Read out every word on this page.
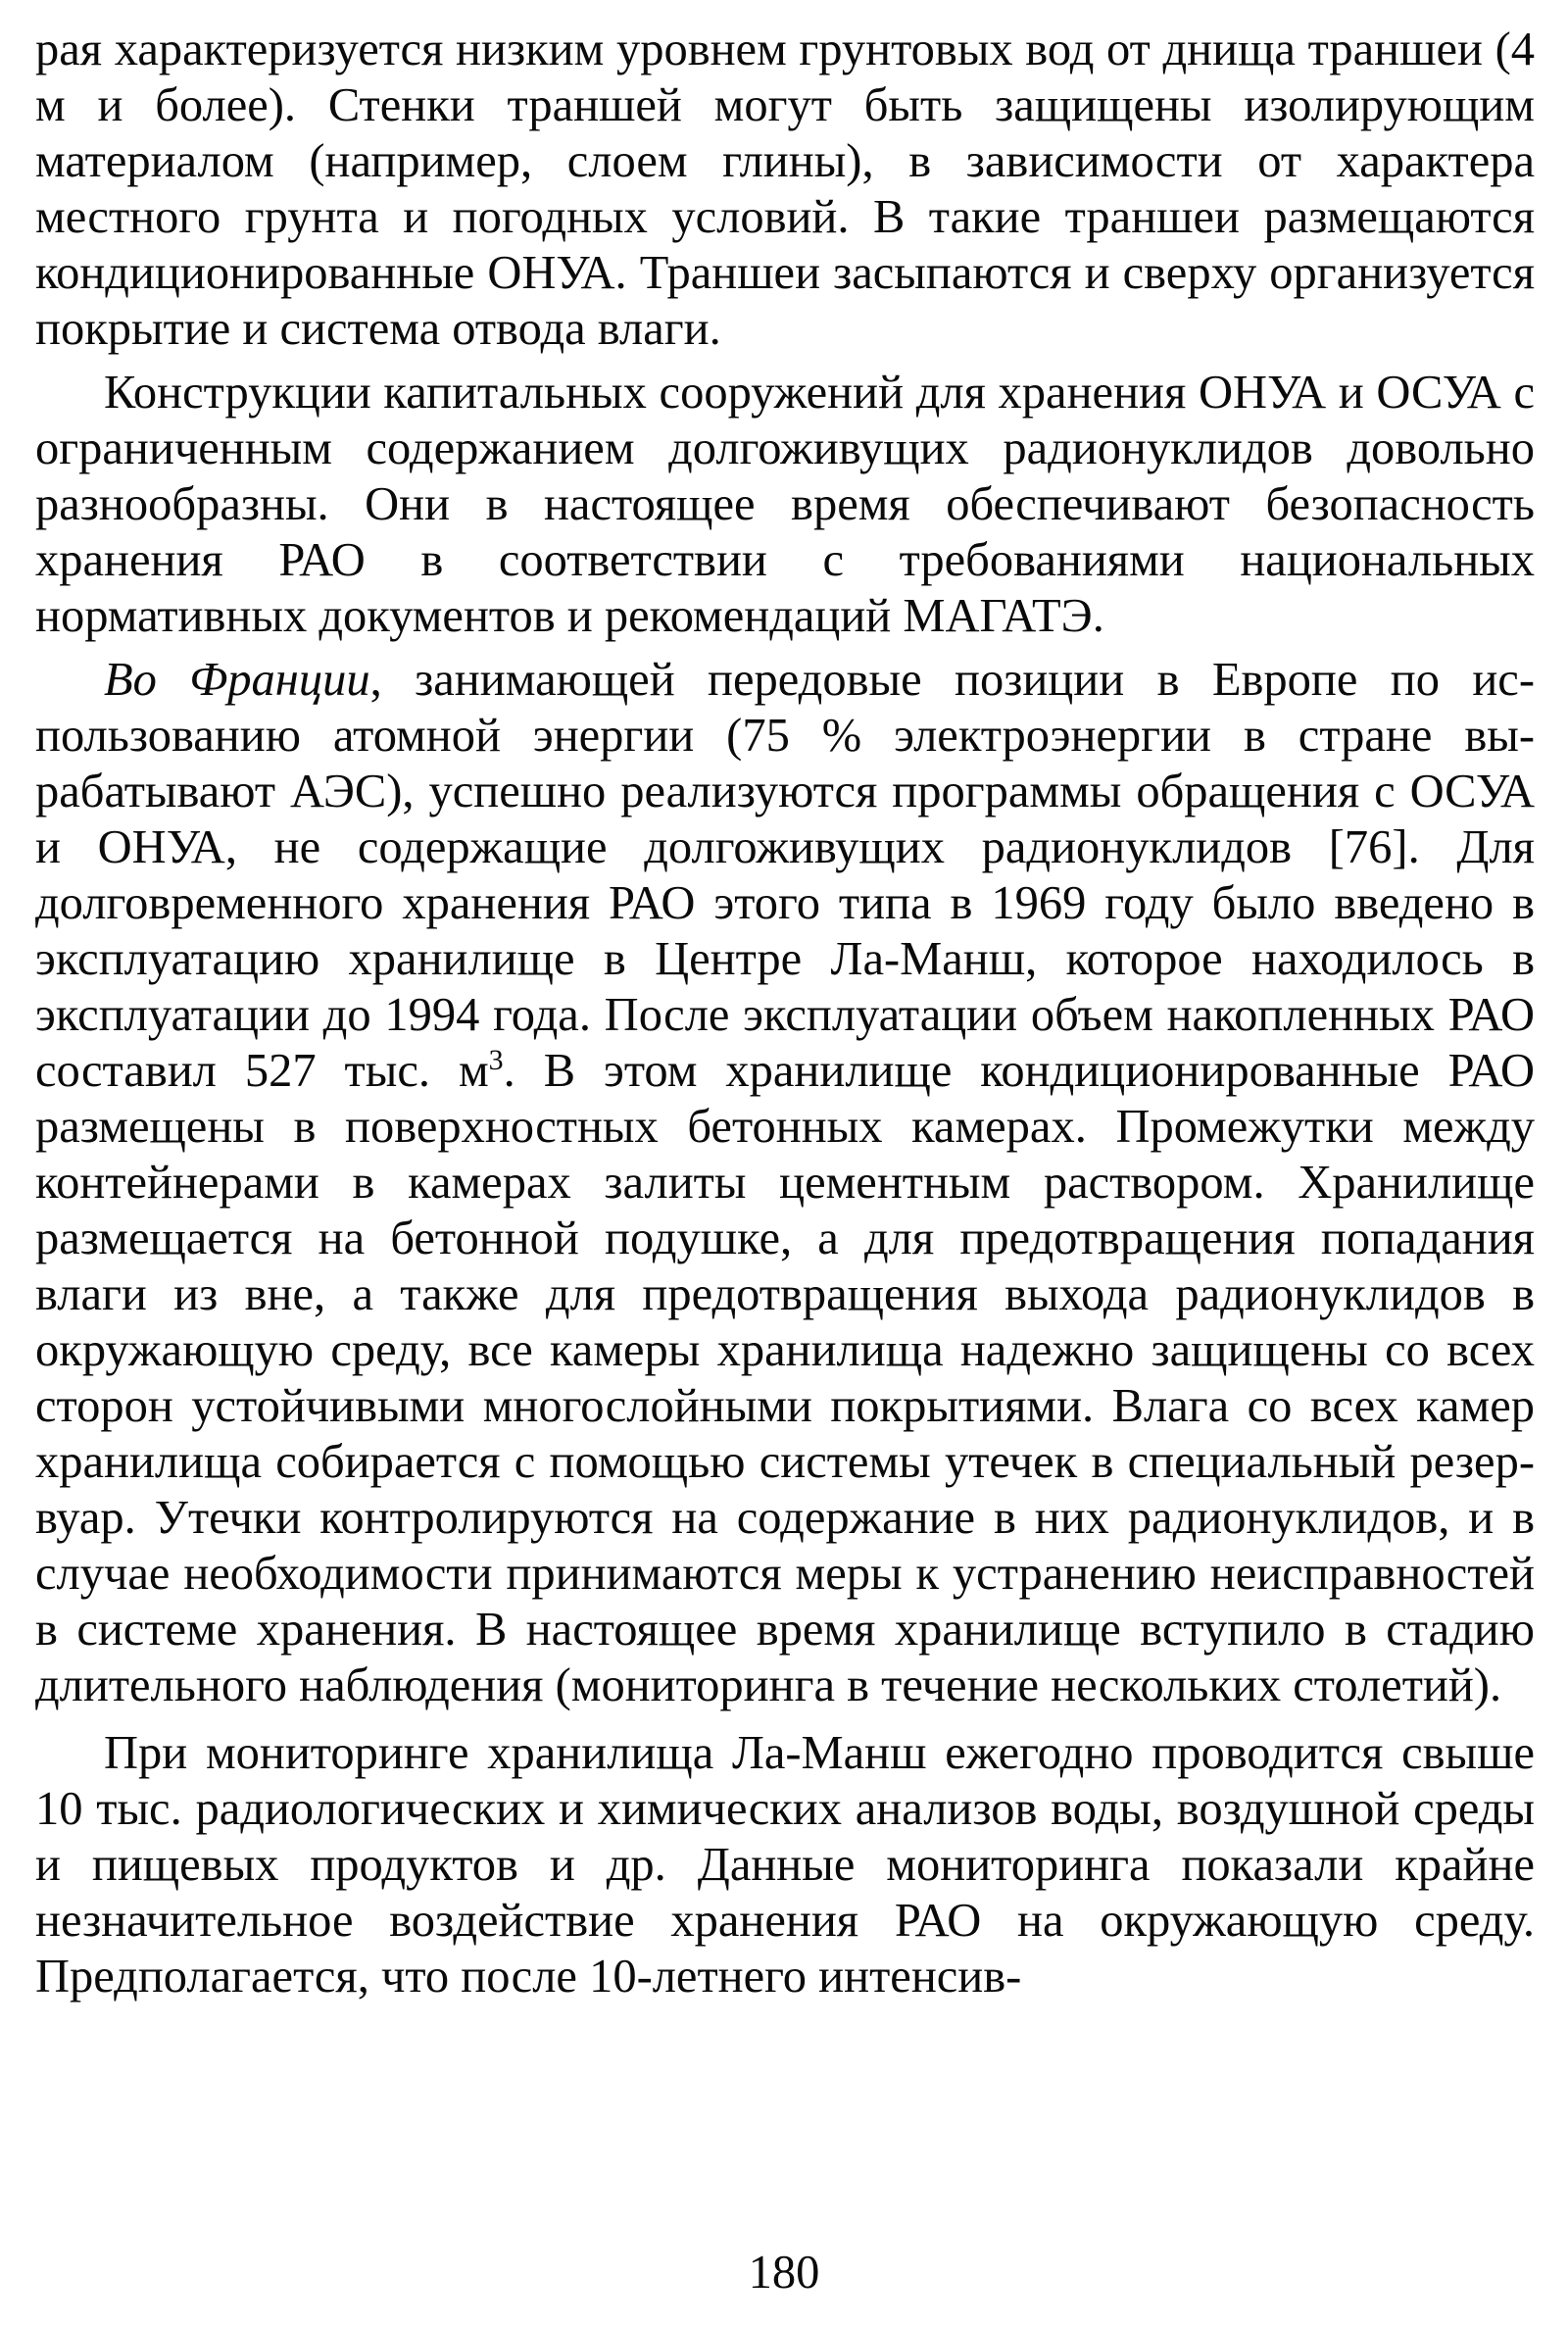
рая характеризуется низким уровнем грунтовых вод от днища траншеи (4 м и более). Стенки траншей могут быть защищены изолирующим материалом (например, слоем глины), в зависимости от характера местного грунта и погодных условий. В такие траншеи размещаются кондиционированные ОНУА. Траншеи засыпаются и сверху организуется покрытие и система отвода влаги.

Конструкции капитальных сооружений для хранения ОНУА и ОСУА с ограниченным содержанием долгоживущих радионуклидов довольно разнообразны. Они в настоящее время обеспечивают безопасность хранения РАО в соответствии с требованиями национальных нормативных документов и рекомендаций МАГАТЭ.

Во Франции, занимающей передовые позиции в Европе по использованию атомной энергии (75 % электроэнергии в стране вырабатывают АЭС), успешно реализуются программы обращения с ОСУА и ОНУА, не содержащие долгоживущих радионуклидов [76]. Для долговременного хранения РАО этого типа в 1969 году было введено в эксплуатацию хранилище в Центре Ла-Манш, которое находилось в эксплуатации до 1994 года. После эксплуатации объем накопленных РАО составил 527 тыс. $м^3$. В этом хранилище кондиционированные РАО размещены в поверхностных бетонных камерах. Промежутки между контейнерами в камерах залиты цементным раствором. Хранилище размещается на бетонной подушке, а для предотвращения попадания влаги из вне, а также для предотвращения выхода радионуклидов в окружающую среду, все камеры хранилища надежно защищены со всех сторон устойчивыми многослойными покрытиями. Влага со всех камер хранилища собирается с помощью системы утечек в специальный резервуар. Утечки контролируются на содержание в них радионуклидов, и в случае необходимости принимаются меры к устранению неисправностей в системе хранения. В настоящее время хранилище вступило в стадию длительного наблюдения (мониторинга в течение нескольких столетий).

При мониторинге хранилища Ла-Манш ежегодно проводится свыше 10 тыс. радиологических и химических анализов воды, воздушной среды и пищевых продуктов и др. Данные мониторинга показали крайне незначительное воздействие хранения РАО на окружающую среду. Предполагается, что после 10-летнего интенсив-

180
